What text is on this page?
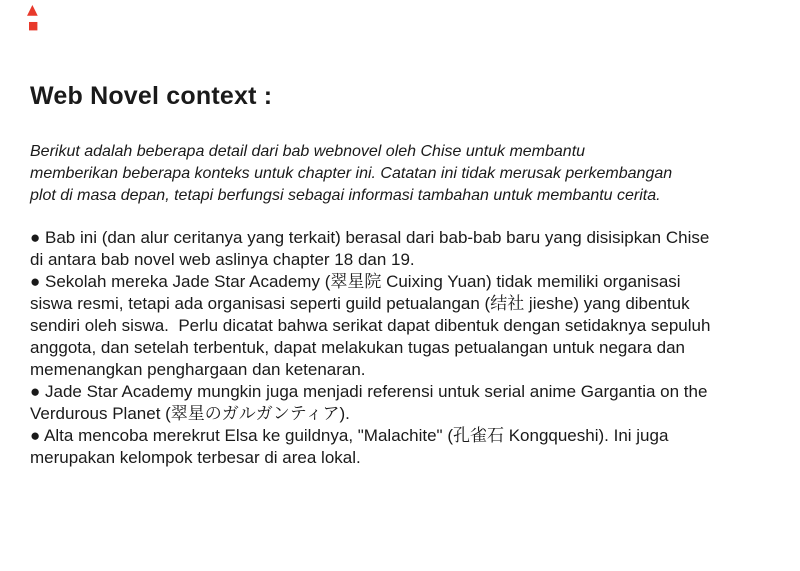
▲
■
Web Novel context :
Berikut adalah beberapa detail dari bab webnovel oleh Chise untuk membantu
memberikan beberapa konteks untuk chapter ini. Catatan ini tidak merusak perkembangan
plot di masa depan, tetapi berfungsi sebagai informasi tambahan untuk membantu cerita.
● Bab ini (dan alur ceritanya yang terkait) berasal dari bab-bab baru yang disisipkan Chise
di antara bab novel web aslinya chapter 18 dan 19.
● Sekolah mereka Jade Star Academy (翠星院 Cuixing Yuan) tidak memiliki organisasi
siswa resmi, tetapi ada organisasi seperti guild petualangan (结社 jieshe) yang dibentuk
sendiri oleh siswa.  Perlu dicatat bahwa serikat dapat dibentuk dengan setidaknya sepuluh
anggota, dan setelah terbentuk, dapat melakukan tugas petualangan untuk negara dan
memenangkan penghargaan dan ketenaran.
● Jade Star Academy mungkin juga menjadi referensi untuk serial anime Gargantia on the
Verdurous Planet (翠星のガルガンティア).
● Alta mencoba merekrut Elsa ke guildnya, "Malachite" (孔雀石 Kongqueshi). Ini juga
merupakan kelompok terbesar di area lokal.
